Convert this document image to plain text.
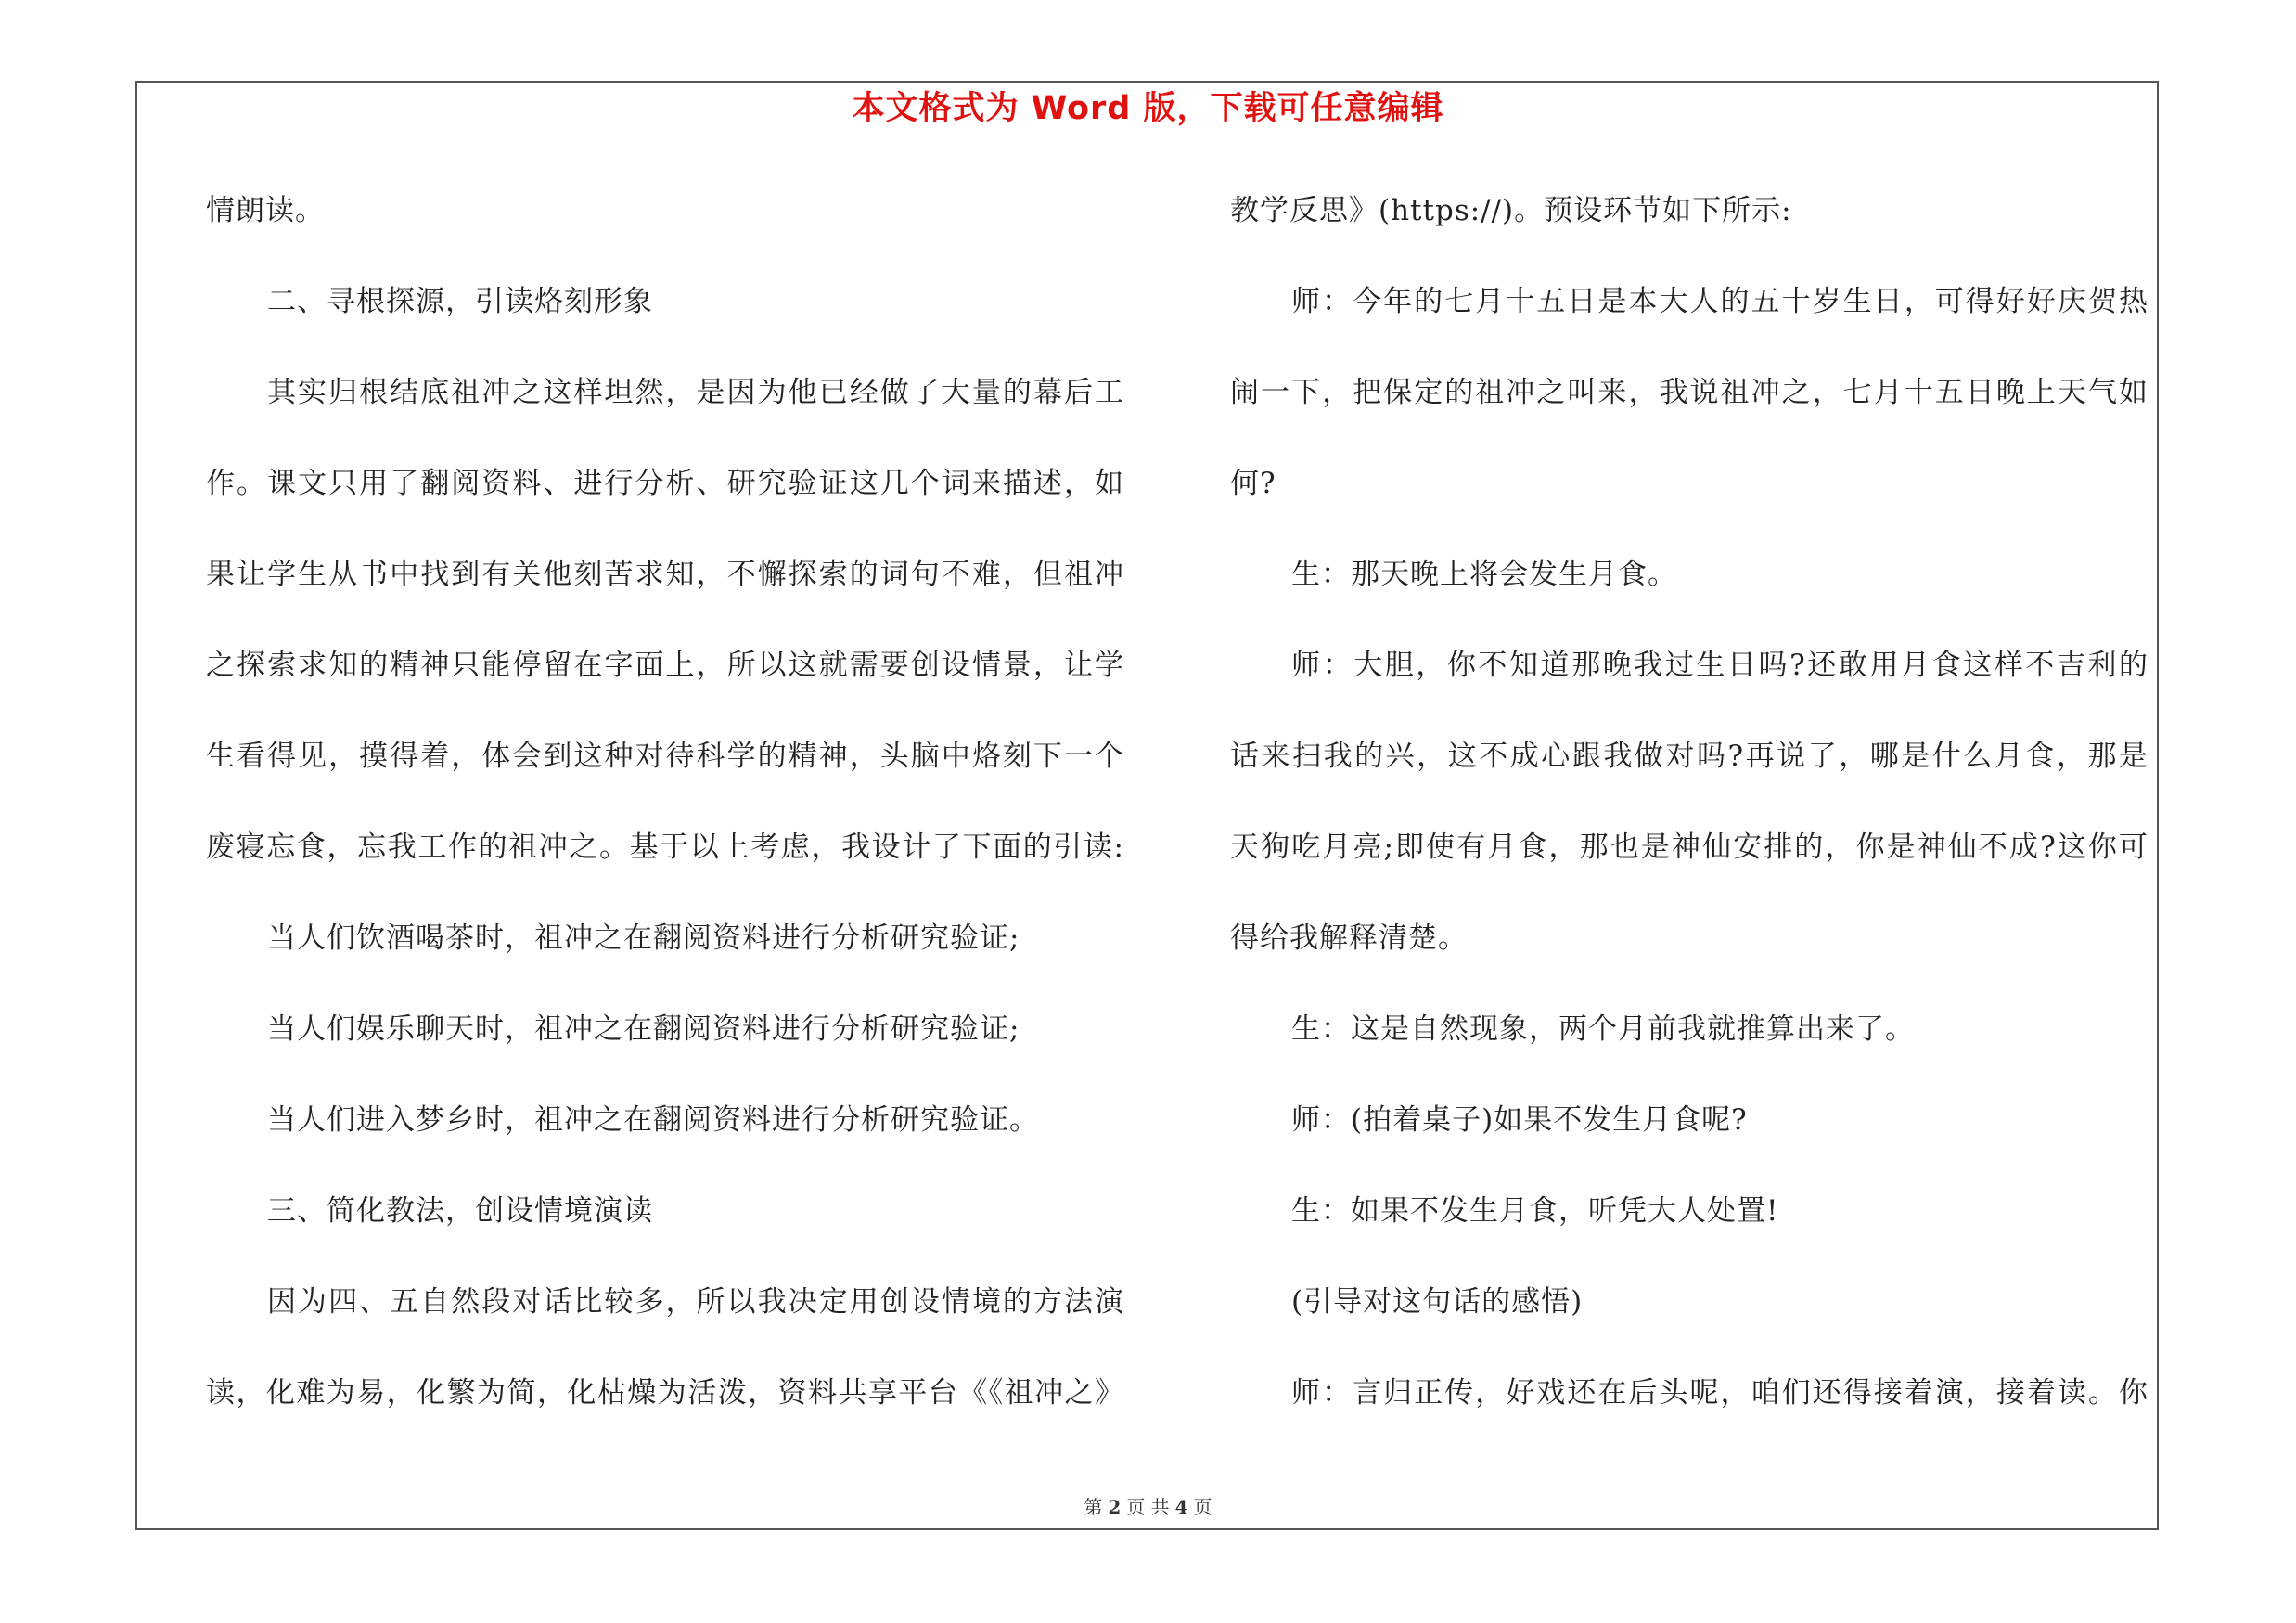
本文格式为 Word 版，下载可任意编辑
情朗读。
二、寻根探源，引读烙刻形象
其实归根结底祖冲之这样坦然，是因为他已经做了大量的幕后工
作。课文只用了翻阅资料、进行分析、研究验证这几个词来描述，如
果让学生从书中找到有关他刻苦求知，不懈探索的词句不难，但祖冲
之探索求知的精神只能停留在字面上，所以这就需要创设情景，让学
生看得见，摸得着，体会到这种对待科学的精神，头脑中烙刻下一个
废寝忘食，忘我工作的祖冲之。基于以上考虑，我设计了下面的引读:
当人们饮酒喝茶时，祖冲之在翻阅资料进行分析研究验证;
当人们娱乐聊天时，祖冲之在翻阅资料进行分析研究验证;
当人们进入梦乡时，祖冲之在翻阅资料进行分析研究验证。
三、简化教法，创设情境演读
因为四、五自然段对话比较多，所以我决定用创设情境的方法演
读，化难为易，化繁为简，化枯燥为活泼，资料共享平台《《祖冲之》
教学反思》(https://)。预设环节如下所示:
师：今年的七月十五日是本大人的五十岁生日，可得好好庆贺热
闹一下，把保定的祖冲之叫来，我说祖冲之，七月十五日晚上天气如
何?
生：那天晚上将会发生月食。
师：大胆，你不知道那晚我过生日吗?还敢用月食这样不吉利的
话来扫我的兴，这不成心跟我做对吗?再说了，哪是什么月食，那是
天狗吃月亮;即使有月食，那也是神仙安排的，你是神仙不成?这你可
得给我解释清楚。
生：这是自然现象，两个月前我就推算出来了。
师：(拍着桌子)如果不发生月食呢?
生：如果不发生月食，听凭大人处置!
(引导对这句话的感悟)
师：言归正传，好戏还在后头呢，咱们还得接着演，接着读。你
第 2 页 共 4 页
